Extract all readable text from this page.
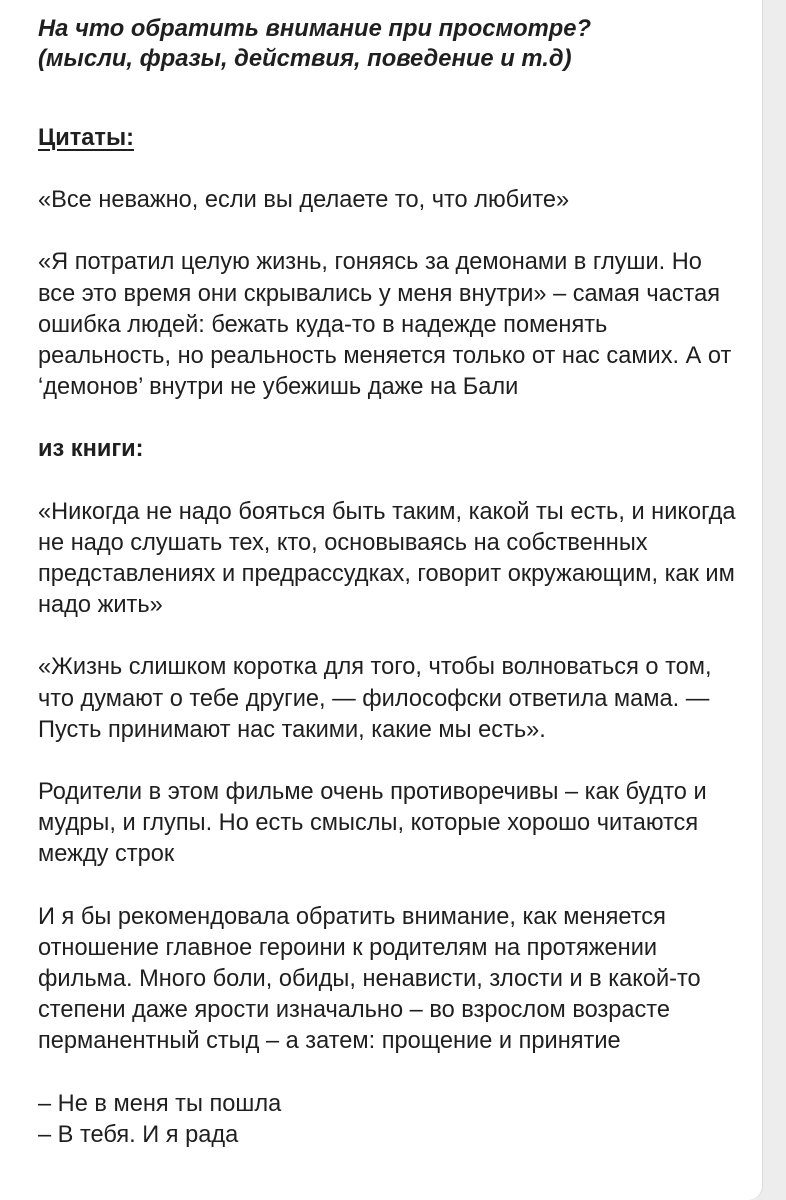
На что обратить внимание при просмотре?

(мысли, фразы, действия, поведение и т.д)

Цитаты:

«Все неважно, если вы делаете то, что любите»

«Я потратил целую жизнь, гоняясь за демонами в глуши. Но все это время они скрывались у меня внутри» – самая частая ошибка людей: бежать куда-то в надежде поменять реальность, но реальность меняется только от нас самих. А от ‘демонов’ внутри не убежишь даже на Бали

из книги:

«Никогда не надо бояться быть таким, какой ты есть, и никогда не надо слушать тех, кто, основываясь на собственных представлениях и предрассудках, говорит окружающим, как им надо жить»

«Жизнь слишком коротка для того, чтобы волноваться о том, что думают о тебе другие, — философски ответила мама. — Пусть принимают нас такими, какие мы есть».

Родители в этом фильме очень противоречивы – как будто и мудры, и глупы. Но есть смыслы, которые хорошо читаются между строк

И я бы рекомендовала обратить внимание, как меняется отношение главное героини к родителям на протяжении фильма. Много боли, обиды, ненависти, злости и в какой-то степени даже ярости изначально – во взрослом возрасте перманентный стыд – а затем: прощение и принятие

– Не в меня ты пошла

– В тебя. И я рада
